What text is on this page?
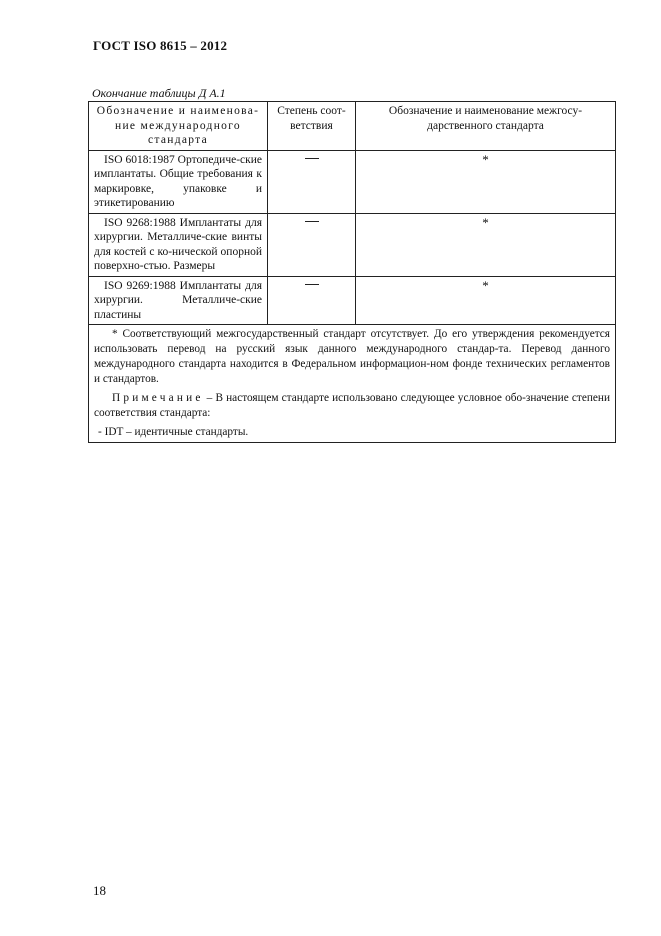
ГОСТ ISO 8615 – 2012
Окончание таблицы Д А.1
Обозначение и наименова-ние международного стандарта	Степень соот-ветствия	Обозначение и наименование межгосу-дарственного стандарта
ISO 6018:1987 Ортопедиче-ские имплантаты. Общие требования к маркировке, упаковке и этикетированию		*
ISO 9268:1988 Имплантаты для хирургии. Металличе-ские винты для костей с ко-нической опорной поверхно-стью. Размеры		*
ISO 9269:1988 Имплантаты для хирургии. Металличе-ские пластины		*

* Соответствующий межгосударственный стандарт отсутствует. До его утверждения рекомендуется использовать перевод на русский язык данного международного стандар-та. Перевод данного международного стандарта находится в Федеральном информацион-ном фонде технических регламентов и стандартов.

Примечание – В настоящем стандарте использовано следующее условное обо-значение степени соответствия стандарта:

- IDT – идентичные стандарты.		

18
